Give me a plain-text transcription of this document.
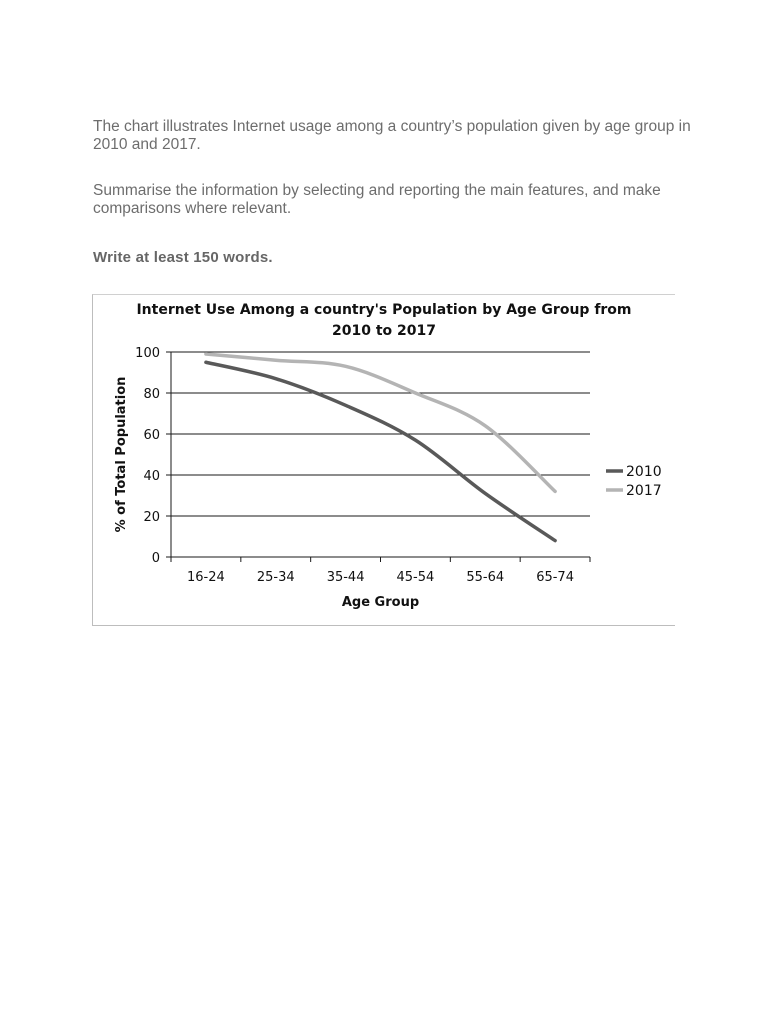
The chart illustrates Internet usage among a country’s population given by age group in 2010 and 2017.
Summarise the information by selecting and reporting the main features, and make comparisons where relevant.
Write at least 150 words.
0
20
40
60
80
100
16-24 25-34 35-44 45-54 55-64 65-74
Internet Use Among a country's Population by Age Group from
2010 to 2017
Age Group
% of Total Population	2010
2017
